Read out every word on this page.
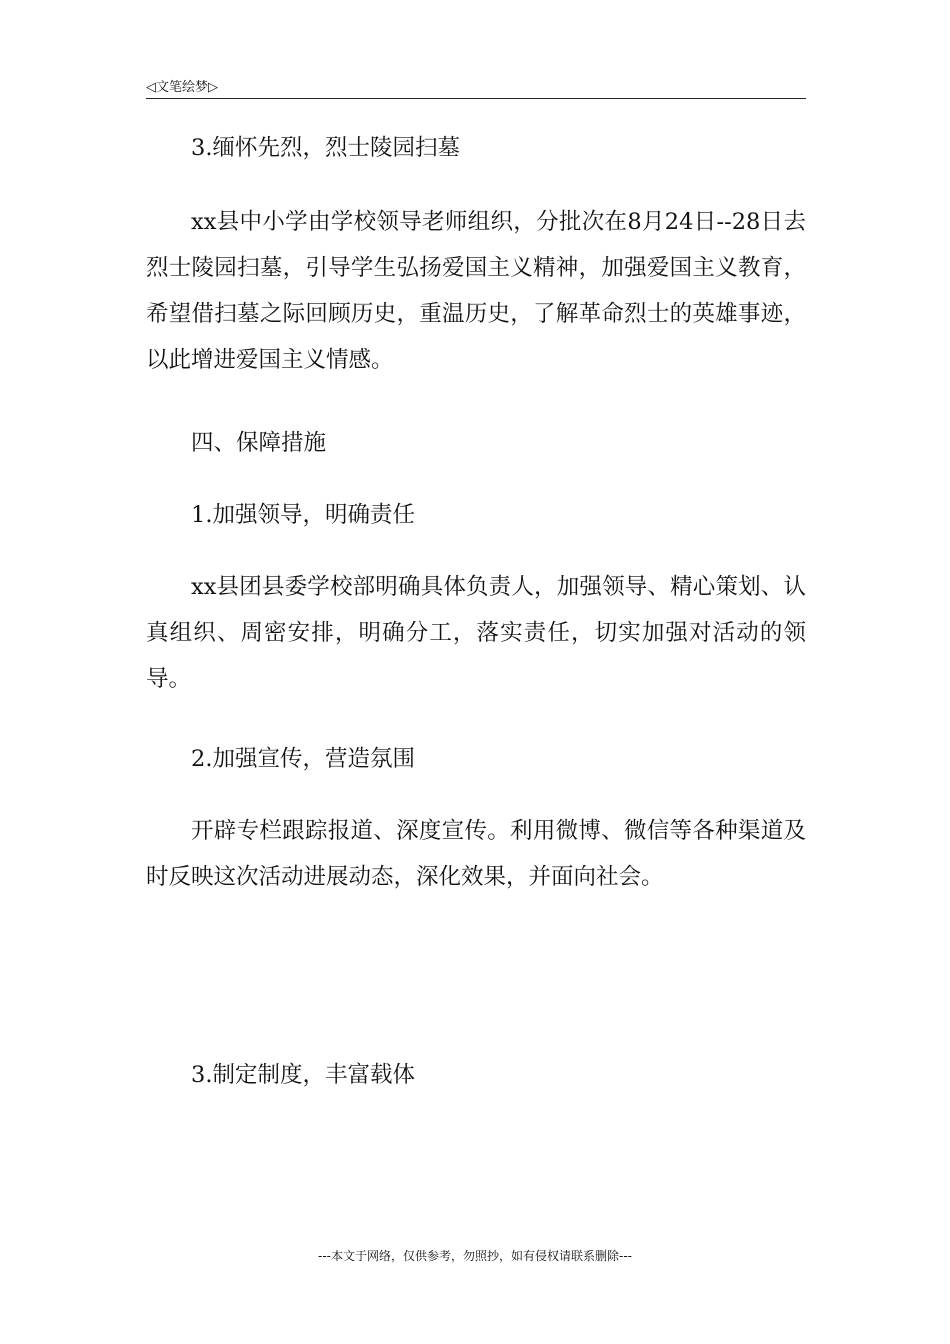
◁文笔绘梦▷

3.缅怀先烈，烈士陵园扫墓

xx县中小学由学校领导老师组织，分批次在8月24日--28日去烈士陵园扫墓，引导学生弘扬爱国主义精神，加强爱国主义教育，希望借扫墓之际回顾历史，重温历史，了解革命烈士的英雄事迹，以此增进爱国主义情感。

四、保障措施

1.加强领导，明确责任

xx县团县委学校部明确具体负责人，加强领导、精心策划、认真组织、周密安排，明确分工，落实责任，切实加强对活动的领导。

2.加强宣传，营造氛围

开辟专栏跟踪报道、深度宣传。利用微博、微信等各种渠道及时反映这次活动进展动态，深化效果，并面向社会。

3.制定制度，丰富载体

---本文于网络，仅供参考，勿照抄，如有侵权请联系删除---
